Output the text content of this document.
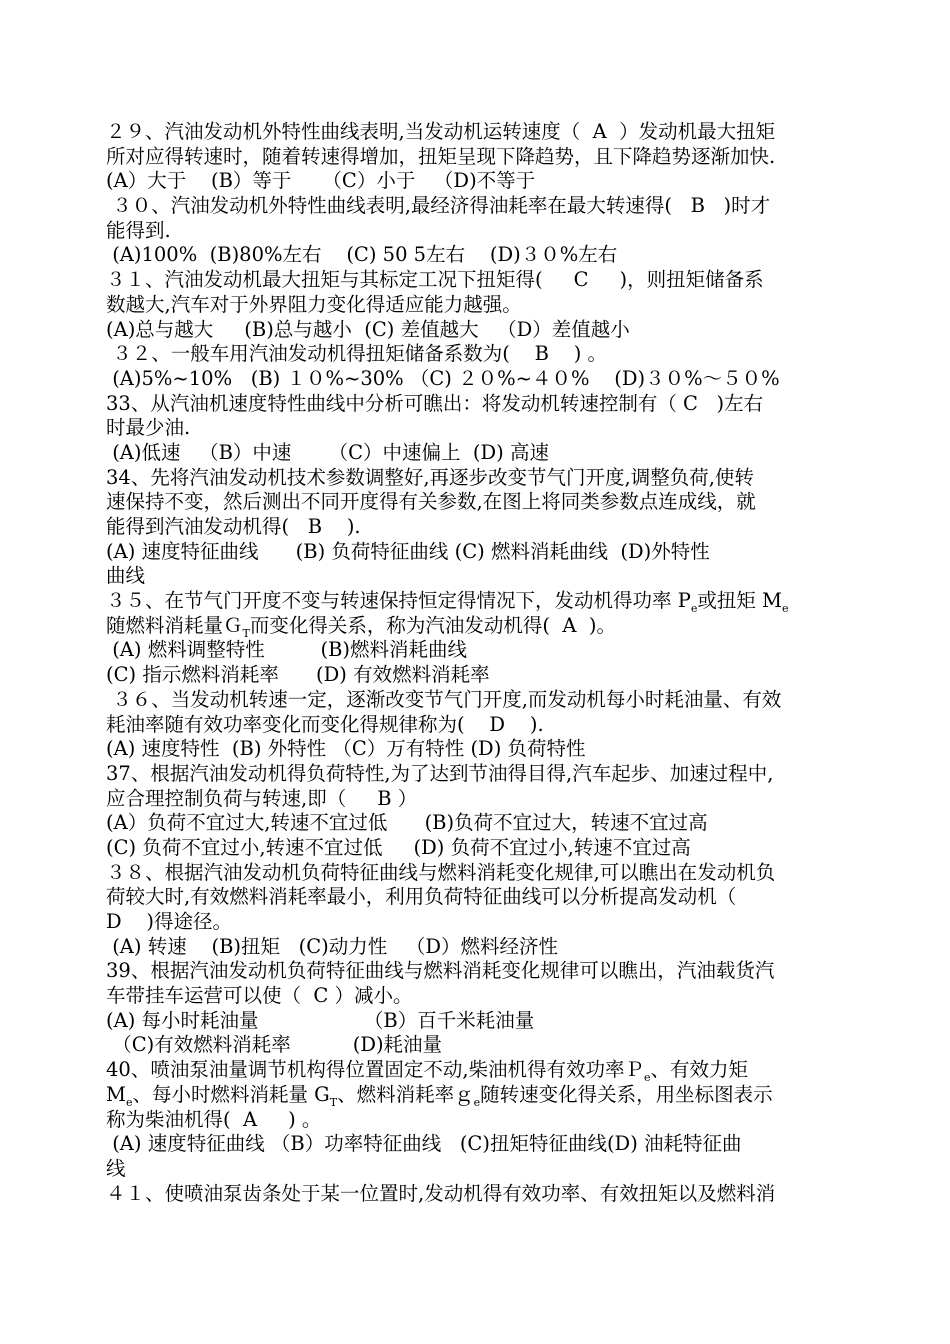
２９、汽油发动机外特性曲线表明,当发动机运转速度（  A  ）发动机最大扭矩
所对应得转速时，随着转速得增加，扭矩呈现下降趋势，且下降趋势逐渐加快.
(A）大于    (B）等于     （C）小于   （D)不等于
３０、汽油发动机外特性曲线表明,最经济得油耗率在最大转速得(   B   )时才
能得到.
(A)100%  (B)80%左右    (C) 50 5左右    (D)３０%左右
３１、汽油发动机最大扭矩与其标定工况下扭矩得(     C     )，则扭矩储备系
数越大,汽车对于外界阻力变化得适应能力越强。
(A)总与越大     (B)总与越小  (C) 差值越大   （D）差值越小
３２、一般车用汽油发动机得扭矩储备系数为(    B    ) 。
(A)5%~10%   (B) １０%~30% （C) ２０%~４０%    (D)３０%～５０%
33、从汽油机速度特性曲线中分析可瞧出：将发动机转速控制有（ C   )左右
时最少油.
(A)低速   （B）中速      （C）中速偏上  (D) 高速
34、先将汽油发动机技术参数调整好,再逐步改变节气门开度,调整负荷,使转
速保持不变，然后测出不同开度得有关参数,在图上将同类参数点连成线，就
能得到汽油发动机得(   B    ).
(A) 速度特征曲线      (B) 负荷特征曲线 (C) 燃料消耗曲线  (D)外特性
曲线
３５、在节气门开度不变与转速保持恒定得情况下，发动机得功率 $P_e$或扭矩 $M_e$
随燃料消耗量Ｇ$_T$而变化得关系，称为汽油发动机得(  A  )。
(A) 燃料调整特性         (B)燃料消耗曲线
(C) 指示燃料消耗率      (D) 有效燃料消耗率
３６、当发动机转速一定，逐渐改变节气门开度,而发动机每小时耗油量、有效
耗油率随有效功率变化而变化得规律称为(    D    ).
(A) 速度特性  (B) 外特性 （C）万有特性 (D) 负荷特性
37、根据汽油发动机得负荷特性,为了达到节油得目得,汽车起步、加速过程中,
应合理控制负荷与转速,即（     B ）
(A）负荷不宜过大,转速不宜过低      (B)负荷不宜过大，转速不宜过高
(C) 负荷不宜过小,转速不宜过低     (D) 负荷不宜过小,转速不宜过高
３８、根据汽油发动机负荷特征曲线与燃料消耗变化规律,可以瞧出在发动机负
荷较大时,有效燃料消耗率最小，利用负荷特征曲线可以分析提高发动机（
D    )得途径。
(A) 转速    (B)扭矩   (C)动力性   （D）燃料经济性
39、根据汽油发动机负荷特征曲线与燃料消耗变化规律可以瞧出，汽油载货汽
车带挂车运营可以使（  C ）减小。
(A) 每小时耗油量                 （B）百千米耗油量
（C)有效燃料消耗率          (D)耗油量
40、喷油泵油量调节机构得位置固定不动,柴油机得有效功率Ｐ$_e$、有效力矩
$M_e$、每小时燃料消耗量 $G_T$、燃料消耗率ｇ$_e$随转速变化得关系，用坐标图表示
称为柴油机得(  A     ) 。
(A) 速度特征曲线 （B）功率特征曲线   (C)扭矩特征曲线(D) 油耗特征曲
线
４１、使喷油泵齿条处于某一位置时,发动机得有效功率、有效扭矩以及燃料消
